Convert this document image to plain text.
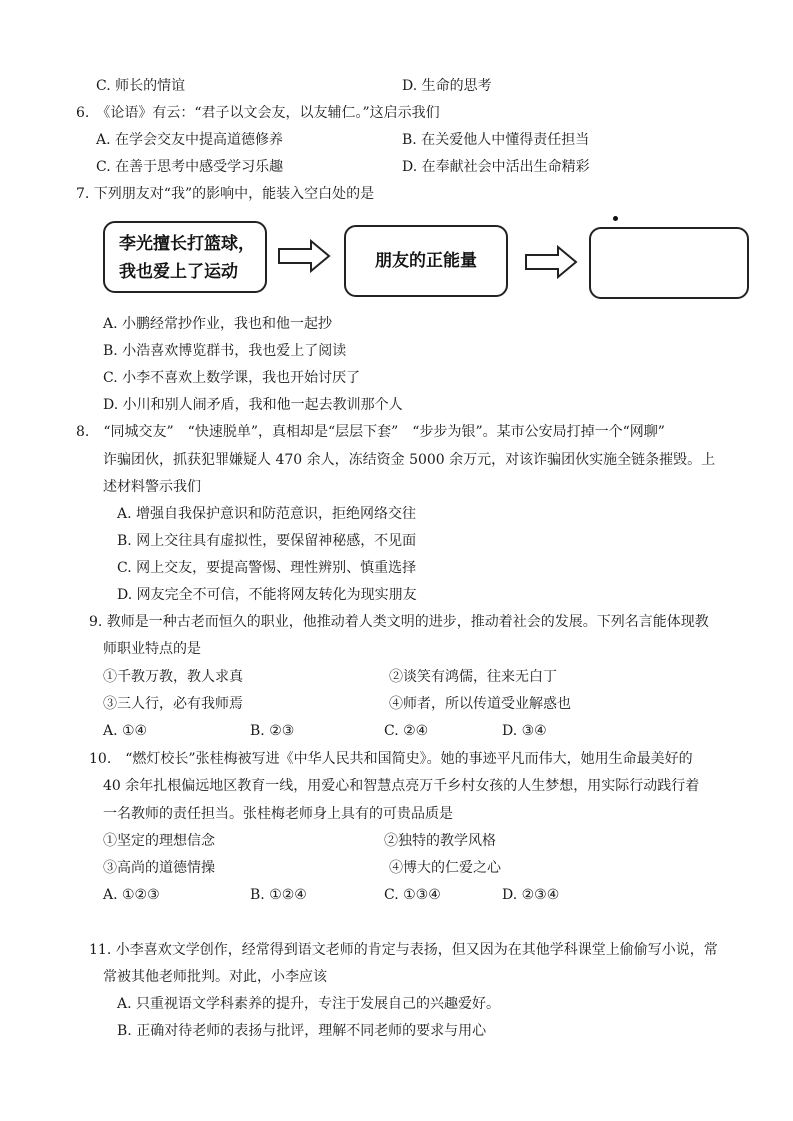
C. 师长的情谊	D. 生命的思考
6.　《论语》有云：“君子以文会友，以友辅仁。”这启示我们
A. 在学会交友中提高道德修养	B. 在关爱他人中懂得责任担当
C. 在善于思考中感受学习乐趣	D. 在奉献社会中活出生命精彩
7. 下列朋友对“我”的影响中，能装入空白处的是
李光擅长打篮球，
我也爱上了运动
朋友的正能量
A. 小鹏经常抄作业，我也和他一起抄
B. 小浩喜欢博览群书，我也爱上了阅读
C. 小李不喜欢上数学课，我也开始讨厌了
D. 小川和别人闹矛盾，我和他一起去教训那个人
8.　“同城交友”　“快速脱单”，真相却是“层层下套”　“步步为银”。某市公安局打掉一个“网聊”
诈骗团伙，抓获犯罪嫌疑人 470 余人，冻结资金 5000 余万元，对该诈骗团伙实施全链条摧毁。上
述材料警示我们
A. 增强自我保护意识和防范意识，拒绝网络交往
B. 网上交往具有虚拟性，要保留神秘感，不见面
C. 网上交友，要提高警惕、理性辨别、慎重选择
D. 网友完全不可信，不能将网友转化为现实朋友
9. 教师是一种古老而恒久的职业，他推动着人类文明的进步，推动着社会的发展。下列名言能体现教
师职业特点的是
①千教万教，教人求真	②谈笑有鸿儒，往来无白丁
③三人行，必有我师焉	④师者，所以传道受业解惑也
A. ①④	B. ②③	C. ②④	D. ③④
10.　“燃灯校长”张桂梅被写进《中华人民共和国简史》。她的事迹平凡而伟大，她用生命最美好的
40 余年扎根偏远地区教育一线，用爱心和智慧点亮万千乡村女孩的人生梦想，用实际行动践行着
一名教师的责任担当。张桂梅老师身上具有的可贵品质是
①坚定的理想信念	②独特的教学风格
③高尚的道德情操	④博大的仁爱之心
A. ①②③	B. ①②④	C. ①③④	D. ②③④
11. 小李喜欢文学创作，经常得到语文老师的肯定与表扬，但又因为在其他学科课堂上偷偷写小说，常
常被其他老师批判。对此，小李应该
A. 只重视语文学科素养的提升，专注于发展自己的兴趣爱好。
B. 正确对待老师的表扬与批评，理解不同老师的要求与用心
